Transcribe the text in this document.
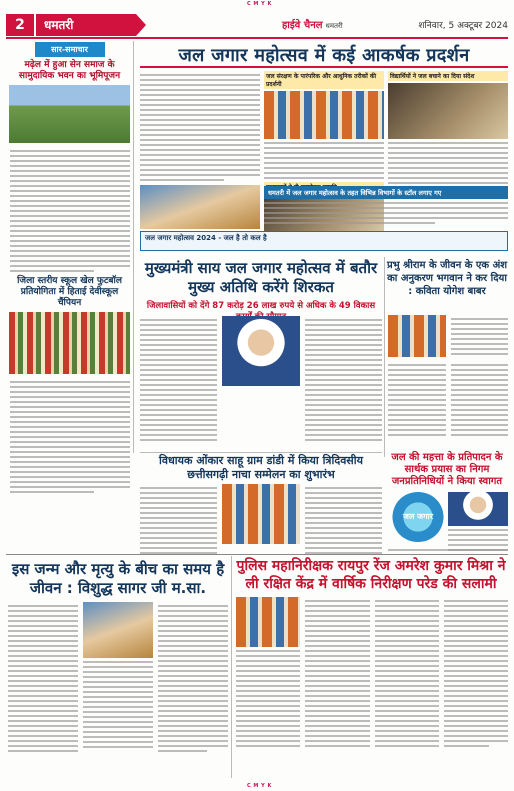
C M Y K
2	धमतरी	हाईवे चैनल धमतरी	शनिवार, 5 अक्टूबर 2024
सार-समाचार
मढ़ेल में हुआ सेन समाज के सामुदायिक भवन का भूमिपूजन
जिला स्तरीय स्कूल खेल फुटबॉल प्रतियोगिता में हिताई देवीस्कूल चैंपियन
जल जगार महोत्सव में कई आकर्षक प्रदर्शन
जल संरक्षण के पारंपरिक और आधुनिक तरीकों की प्रदर्शनी
विद्यार्थियों ने जल बचाने का दिया संदेश
धमतरी में जल जगार महोत्सव के तहत विभिन्न विभागों के स्टॉल लगाए गए
जल जगार महोत्सव 2024 - जल है तो कल है
मुख्यमंत्री साय जल जगार महोत्सव में बतौर मुख्य अतिथि करेंगे शिरकत
जिलावासियों को देंगे 87 करोड़ 26 लाख रुपये से अधिक के 49 विकास
प्रभु श्रीराम के जीवन के एक अंश का अनुकरण भगवान ने कर दिया : कविता योगेश बाबर
विधायक ओंकार साहू ग्राम डांडी में किया त्रिदिवसीय छत्तीसगढ़ी नाचा सम्मेलन का शुभारंभ
जल की महत्ता के प्रतिपादन के सार्थक प्रयास का निगम जनप्रतिनिधियों ने किया स्वागत
जल जगार
इस जन्म और मृत्यु के बीच का समय है जीवन : विशुद्ध सागर जी म.सा.
पुलिस महानिरीक्षक रायपुर रेंज अमरेश कुमार मिश्रा ने ली रक्षित केंद्र में वार्षिक निरीक्षण परेड की सलामी
C M Y K
